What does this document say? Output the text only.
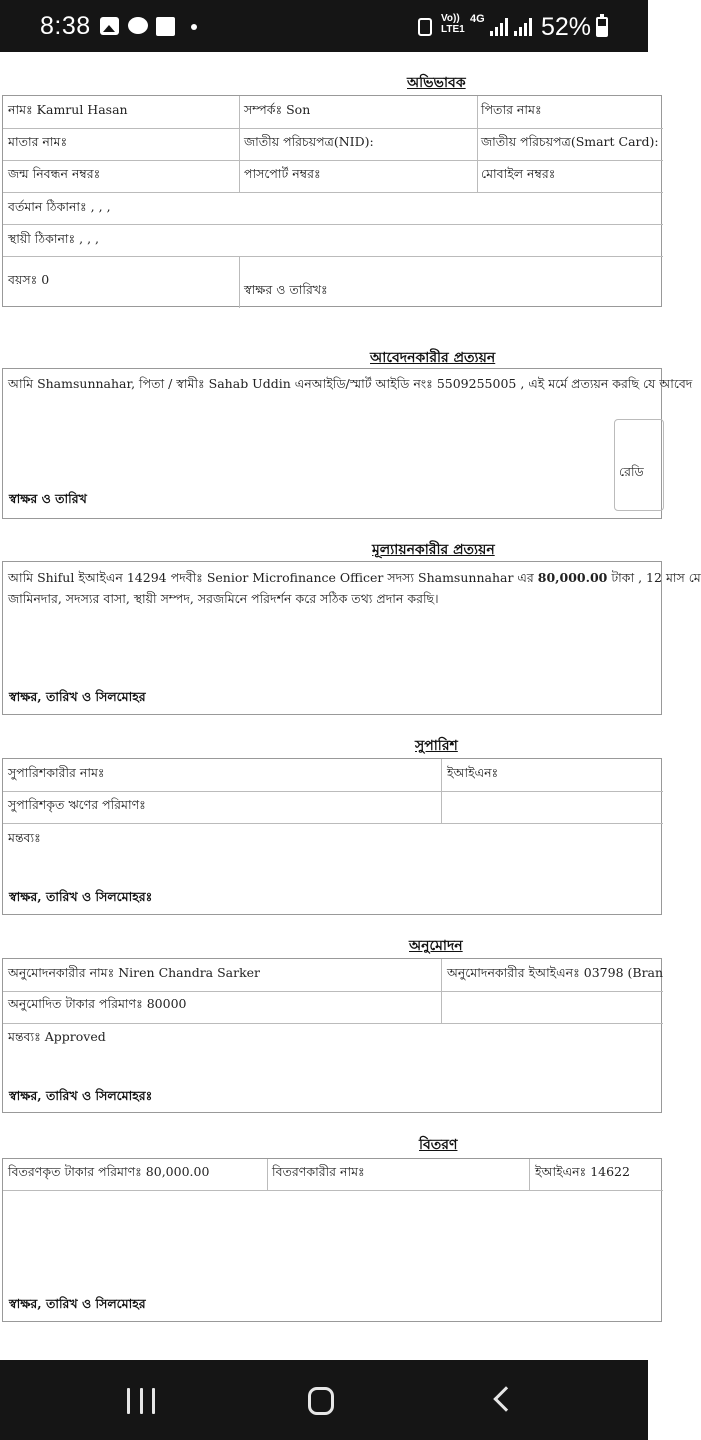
8:38	Vo)) LTE1
4G 52%
অভিভাবক
নামঃ Kamrul Hasan	সম্পর্কঃ Son	পিতার নামঃ
মাতার নামঃ	জাতীয় পরিচয়পত্র(NID):	জাতীয় পরিচয়পত্র(Smart Card):
জন্ম নিবন্ধন নম্বরঃ	পাসপোর্ট নম্বরঃ	মোবাইল নম্বরঃ
বর্তমান ঠিকানাঃ , , ,
স্থায়ী ঠিকানাঃ , , ,
বয়সঃ 0
স্বাক্ষর ও তারিখঃ
আবেদনকারীর প্রত্যয়ন
আমি Shamsunnahar, পিতা / স্বামীঃ Sahab Uddin এনআইডি/স্মার্ট আইডি নংঃ 5509255005 , এই মর্মে প্রত্যয়ন করছি যে আবেদ
রেডি
স্বাক্ষর ও তারিখ
মূল্যায়নকারীর প্রত্যয়ন
আমি Shiful ইআইএন 14294 পদবীঃ Senior Microfinance Officer সদস্য Shamsunnahar এর 80,000.00 টাকা , 12 মাস মে
জামিনদার, সদস্যর বাসা, স্থায়ী সম্পদ, সরজমিনে পরিদর্শন করে সঠিক তথ্য প্রদান করছি।
স্বাক্ষর, তারিখ ও সিলমোহর
সুপারিশ
সুপারিশকারীর নামঃ	ইআইএনঃ
সুপারিশকৃত ঋণের পরিমাণঃ
মন্তব্যঃ
স্বাক্ষর, তারিখ ও সিলমোহরঃ
অনুমোদন
অনুমোদনকারীর নামঃ Niren Chandra Sarker	অনুমোদনকারীর ইআইএনঃ 03798 (Bran
অনুমোদিত টাকার পরিমাণঃ 80000
মন্তব্যঃ Approved
স্বাক্ষর, তারিখ ও সিলমোহরঃ
বিতরণ
বিতরণকৃত টাকার পরিমাণঃ 80,000.00	বিতরণকারীর নামঃ	ইআইএনঃ 14622
স্বাক্ষর, তারিখ ও সিলমোহর
